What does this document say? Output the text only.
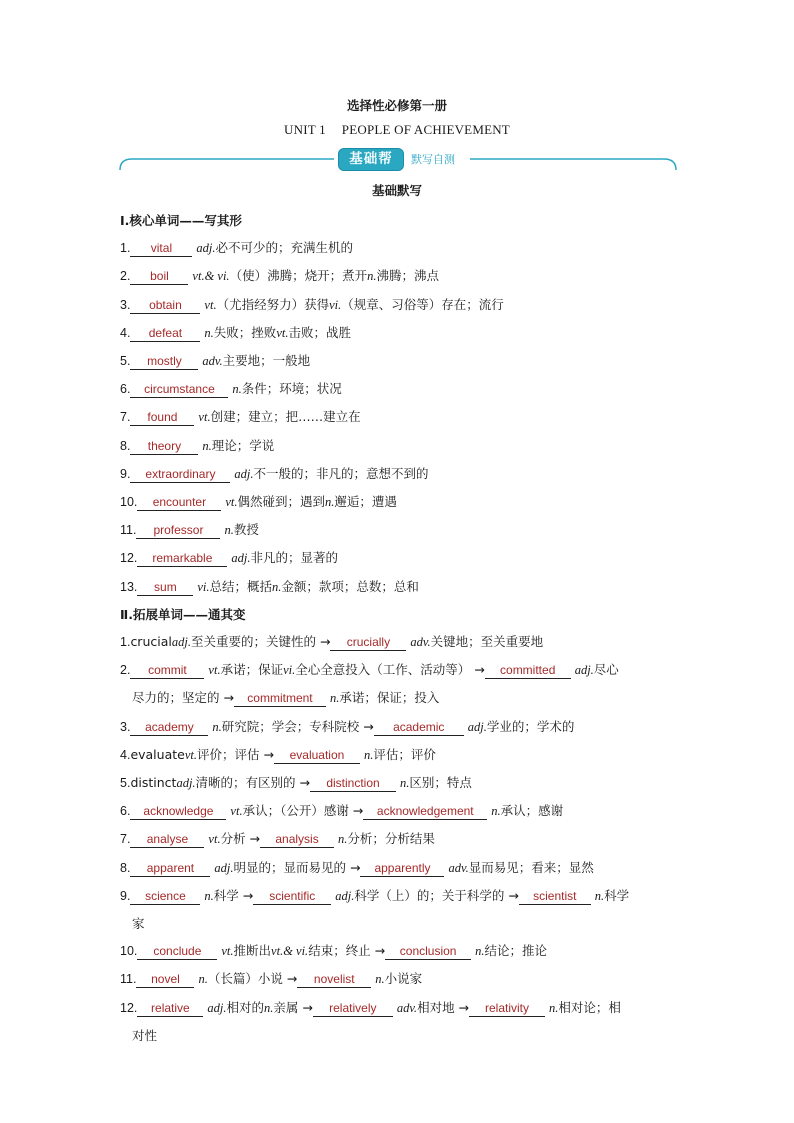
选择性必修第一册
UNIT 1 PEOPLE OF ACHIEVEMENT
基础帮	默写自测
基础默写
Ⅰ.核心单词——写其形
1. vital adj.必不可少的；充满生机的
2. boil vt.& vi.（使）沸腾；烧开；煮开n.沸腾；沸点
3. obtain vt.（尤指经努力）获得vi.（规章、习俗等）存在；流行
4. defeat n.失败；挫败vt.击败；战胜
5. mostly adv.主要地；一般地
6. circumstance n.条件；环境；状况
7. found vt.创建；建立；把……建立在
8. theory n.理论；学说
9. extraordinary adj.不一般的；非凡的；意想不到的
10. encounter vt.偶然碰到；遇到n.邂逅；遭遇
11. professor n.教授
12. remarkable adj.非凡的；显著的
13. sum vi.总结；概括n.金额；款项；总数；总和
Ⅱ.拓展单词——通其变
1.crucialadj.至关重要的；关键性的 → crucially adv.关键地；至关重要地
2. commit vt.承诺；保证vi.全心全意投入（工作、活动等） → committed adj.尽心
尽力的；坚定的 → commitment n.承诺；保证；投入
3. academy n.研究院；学会；专科院校 → academic adj.学业的；学术的
4.evaluatevt.评价；评估 → evaluation n.评估；评价
5.distinctadj.清晰的；有区别的 → distinction n.区别；特点
6. acknowledge vt.承认；（公开）感谢 → acknowledgement n.承认；感谢
7. analyse vt.分析 → analysis n.分析；分析结果
8. apparent adj.明显的；显而易见的 → apparently adv.显而易见；看来；显然
9. science n.科学 → scientific adj.科学（上）的；关于科学的 → scientist n.科学
家
10. conclude vt.推断出vt.& vi.结束；终止 → conclusion n.结论；推论
11. novel n.（长篇）小说 → novelist n.小说家
12. relative adj.相对的n.亲属 → relatively adv.相对地 → relativity n.相对论；相
对性
